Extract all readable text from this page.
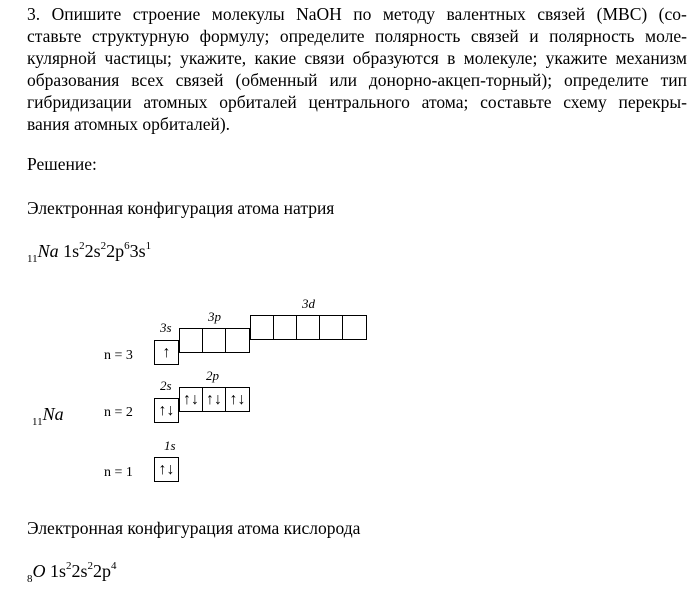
3. Опишите строение молекулы NaOH по методу валентных связей (МВС) (со-
ставьте структурную формулу; определите полярность связей и полярность моле-
кулярной частицы; укажите, какие связи образуются в молекуле; укажите механизм
образования всех связей (обменный или донорно-акцеп-торный); определите тип
гибридизации атомных орбиталей центрального атома; составьте схему перекры-
вания атомных орбиталей).
Решение:
Электронная конфигурация атома натрия
$_{11}$Na $1s^22s^22p^63s^1$
$_{11}$Na
n = 3
3s
3p
3d
↑
n = 2
2s
2p
↑↓
↑↓ ↑↓ ↑↓
n = 1
1s
↑↓
Электронная конфигурация атома кислорода
$_8$O $1s^22s^22p^4$
